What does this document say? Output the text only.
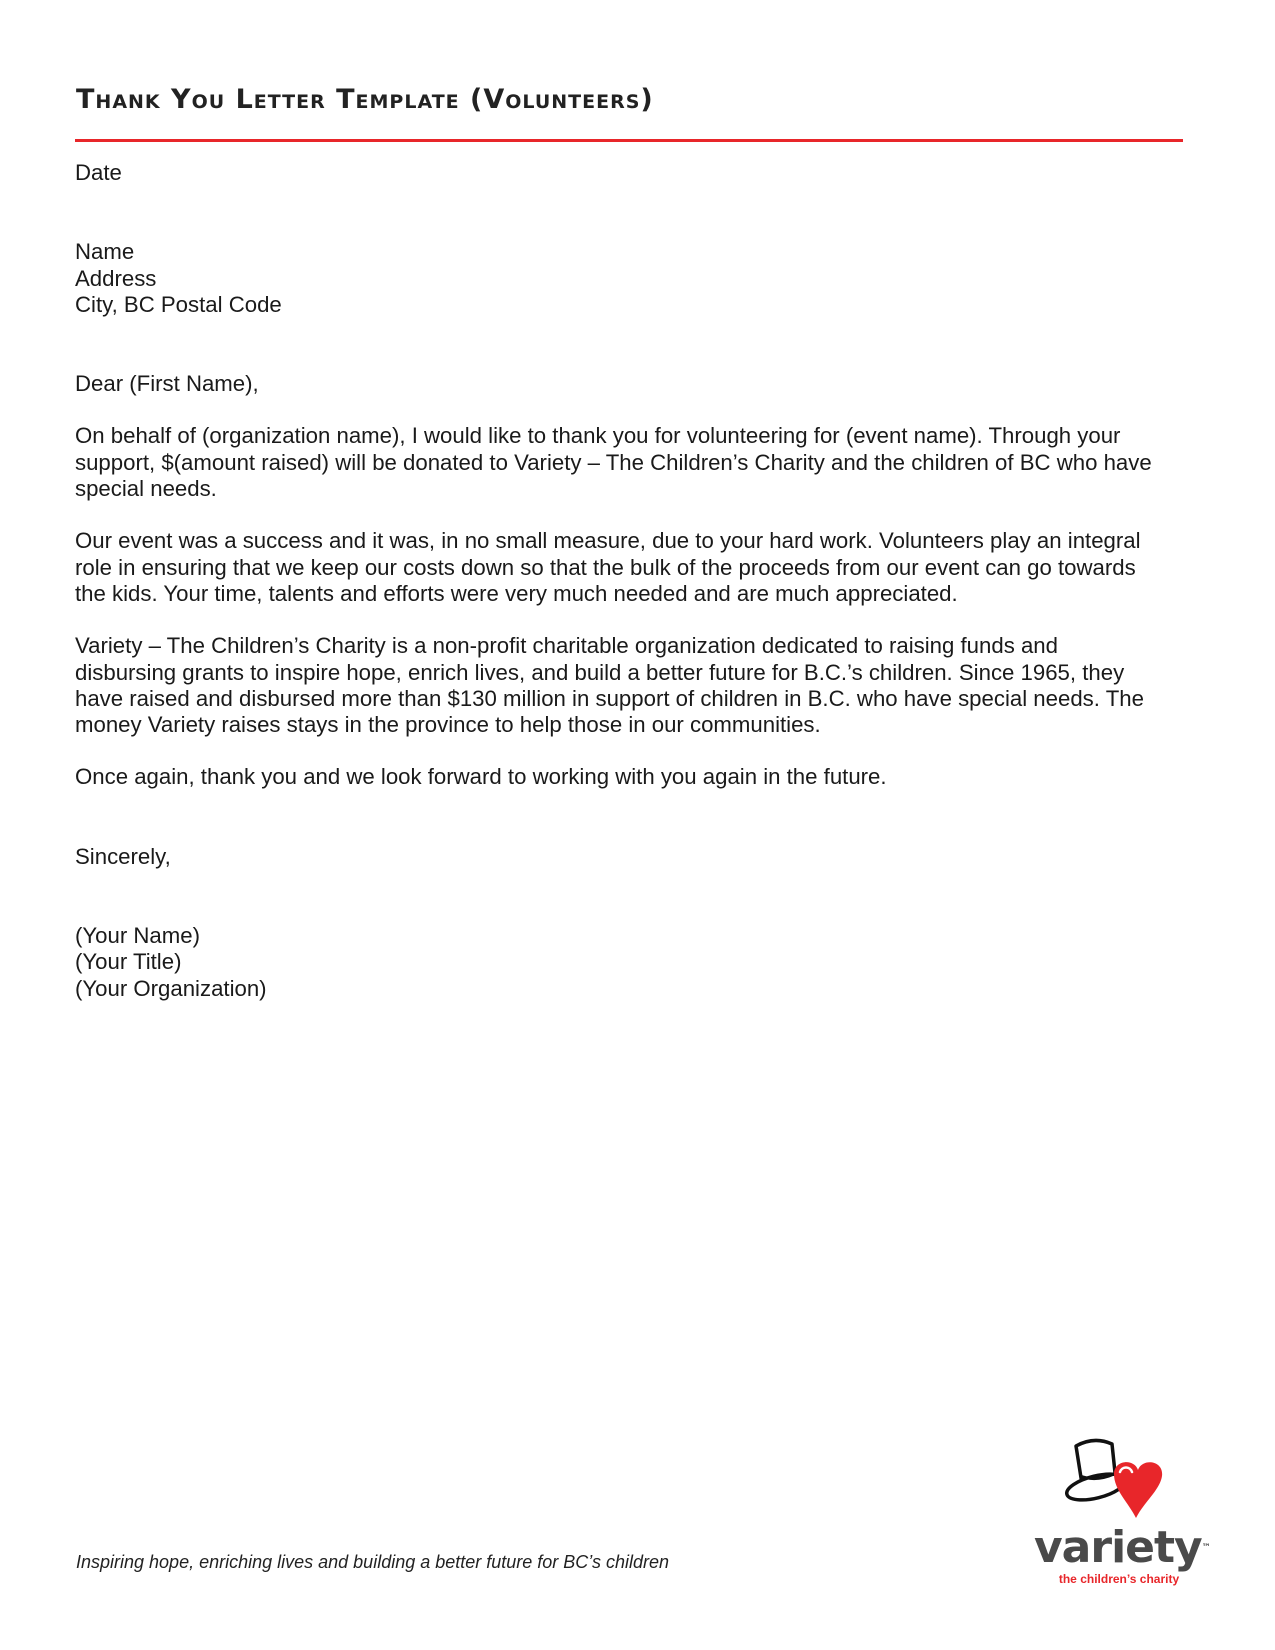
Thank You Letter Template (Volunteers)

Date

Name

Address

City, BC Postal Code

Dear (First Name),

On behalf of (organization name), I would like to thank you for volunteering for (event name). Through your
support, $(amount raised) will be donated to Variety – The Children’s Charity and the children of BC who have
special needs.

Our event was a success and it was, in no small measure, due to your hard work. Volunteers play an integral
role in ensuring that we keep our costs down so that the bulk of the proceeds from our event can go towards
the kids. Your time, talents and efforts were very much needed and are much appreciated.

Variety – The Children’s Charity is a non-profit charitable organization dedicated to raising funds and
disbursing grants to inspire hope, enrich lives, and build a better future for B.C.’s children. Since 1965, they
have raised and disbursed more than $130 million in support of children in B.C. who have special needs. The
money Variety raises stays in the province to help those in our communities.

Once again, thank you and we look forward to working with you again in the future.

Sincerely,

(Your Name)

(Your Title)

(Your Organization)

Inspiring hope, enriching lives and building a better future for BC’s children	variety™
the children’s charity
